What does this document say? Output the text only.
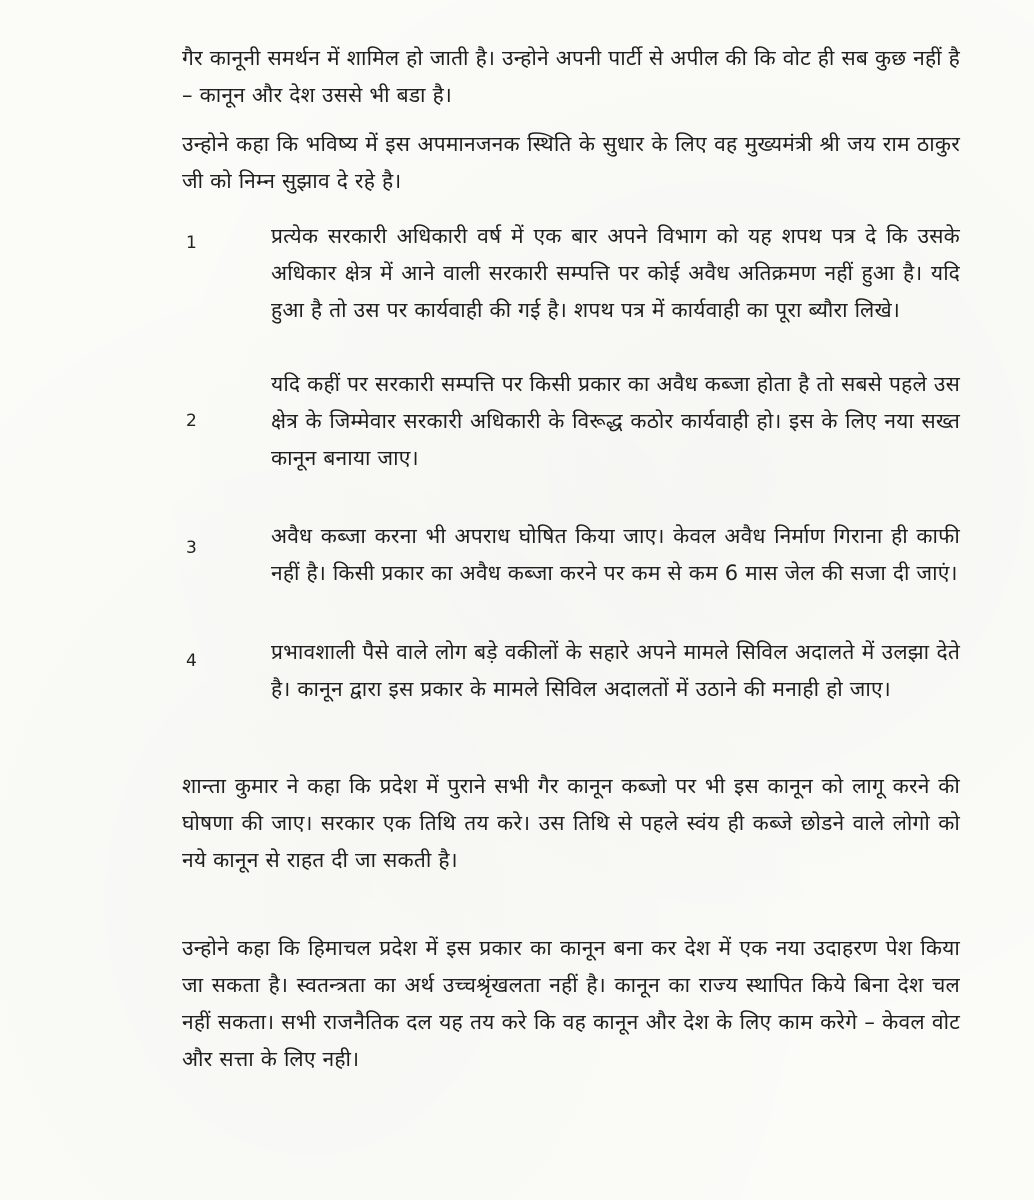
गैर कानूनी समर्थन में शामिल हो जाती है। उन्होने अपनी पार्टी से अपील की कि वोट ही सब कुछ नहीं है – कानून और देश उससे भी बडा है।
उन्होने कहा कि भविष्य में इस अपमानजनक स्थिति के सुधार के लिए वह मुख्यमंत्री श्री जय राम ठाकुर जी को निम्न सुझाव दे रहे है।
1	प्रत्येक सरकारी अधिकारी वर्ष में एक बार अपने विभाग को यह शपथ पत्र दे कि उसके अधिकार क्षेत्र में आने वाली सरकारी सम्पत्ति पर कोई अवैध अतिक्रमण नहीं हुआ है। यदि हुआ है तो उस पर कार्यवाही की गई है। शपथ पत्र में कार्यवाही का पूरा ब्यौरा लिखे।
2
यदि कहीं पर सरकारी सम्पत्ति पर किसी प्रकार का अवैध कब्जा होता है तो सबसे पहले उस क्षेत्र के जिम्मेवार सरकारी अधिकारी के विरूद्ध कठोर कार्यवाही हो। इस के लिए नया सख्त कानून बनाया जाए।
3	अवैध कब्जा करना भी अपराध घोषित किया जाए। केवल अवैध निर्माण गिराना ही काफी नहीं है। किसी प्रकार का अवैध कब्जा करने पर कम से कम 6 मास जेल की सजा दी जाएं।
4	प्रभावशाली पैसे वाले लोग बड़े वकीलों के सहारे अपने मामले सिविल अदालते में उलझा देते है। कानून द्वारा इस प्रकार के मामले सिविल अदालतों में उठाने की मनाही हो जाए।
शान्ता कुमार ने कहा कि प्रदेश में पुराने सभी गैर कानून कब्जो पर भी इस कानून को लागू करने की घोषणा की जाए। सरकार एक तिथि तय करे। उस तिथि से पहले स्वंय ही कब्जे छोडने वाले लोगो को नये कानून से राहत दी जा सकती है।
उन्होने कहा कि हिमाचल प्रदेश में इस प्रकार का कानून बना कर देश में एक नया उदाहरण पेश किया जा सकता है। स्वतन्त्रता का अर्थ उच्चश्रृंखलता नहीं है। कानून का राज्य स्थापित किये बिना देश चल नहीं सकता। सभी राजनैतिक दल यह तय करे कि वह कानून और देश के लिए काम करेगे – केवल वोट और सत्ता के लिए नही।
